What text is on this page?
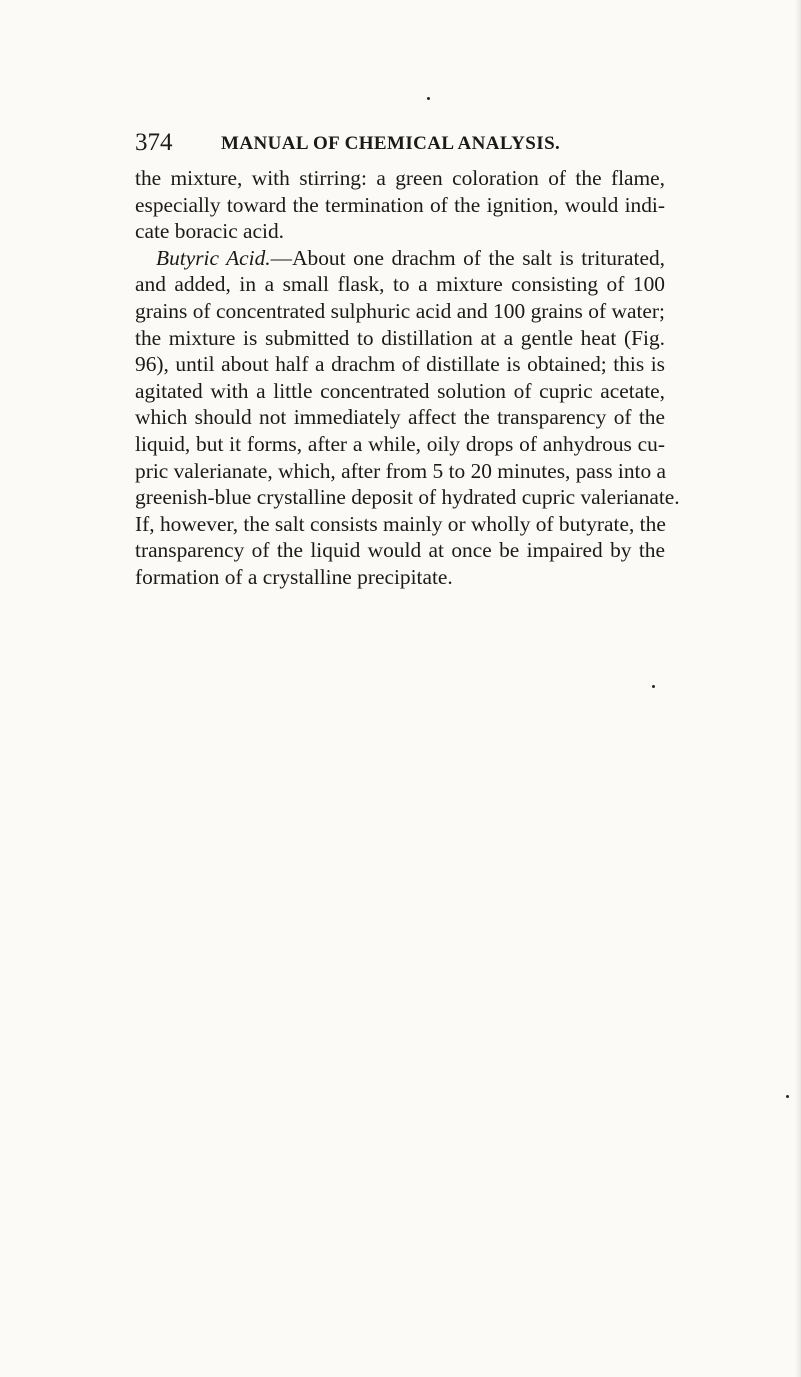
374	MANUAL OF CHEMICAL ANALYSIS.
the mixture, with stirring: a green coloration of the flame,
especially toward the termination of the ignition, would indi-
cate boracic acid.
Butyric Acid.—About one drachm of the salt is triturated,
and added, in a small flask, to a mixture consisting of 100
grains of concentrated sulphuric acid and 100 grains of water;
the mixture is submitted to distillation at a gentle heat (Fig.
96), until about half a drachm of distillate is obtained; this is
agitated with a little concentrated solution of cupric acetate,
which should not immediately affect the transparency of the
liquid, but it forms, after a while, oily drops of anhydrous cu-
pric valerianate, which, after from 5 to 20 minutes, pass into a
greenish-blue crystalline deposit of hydrated cupric valerianate.
If, however, the salt consists mainly or wholly of butyrate, the
transparency of the liquid would at once be impaired by the
formation of a crystalline precipitate.
